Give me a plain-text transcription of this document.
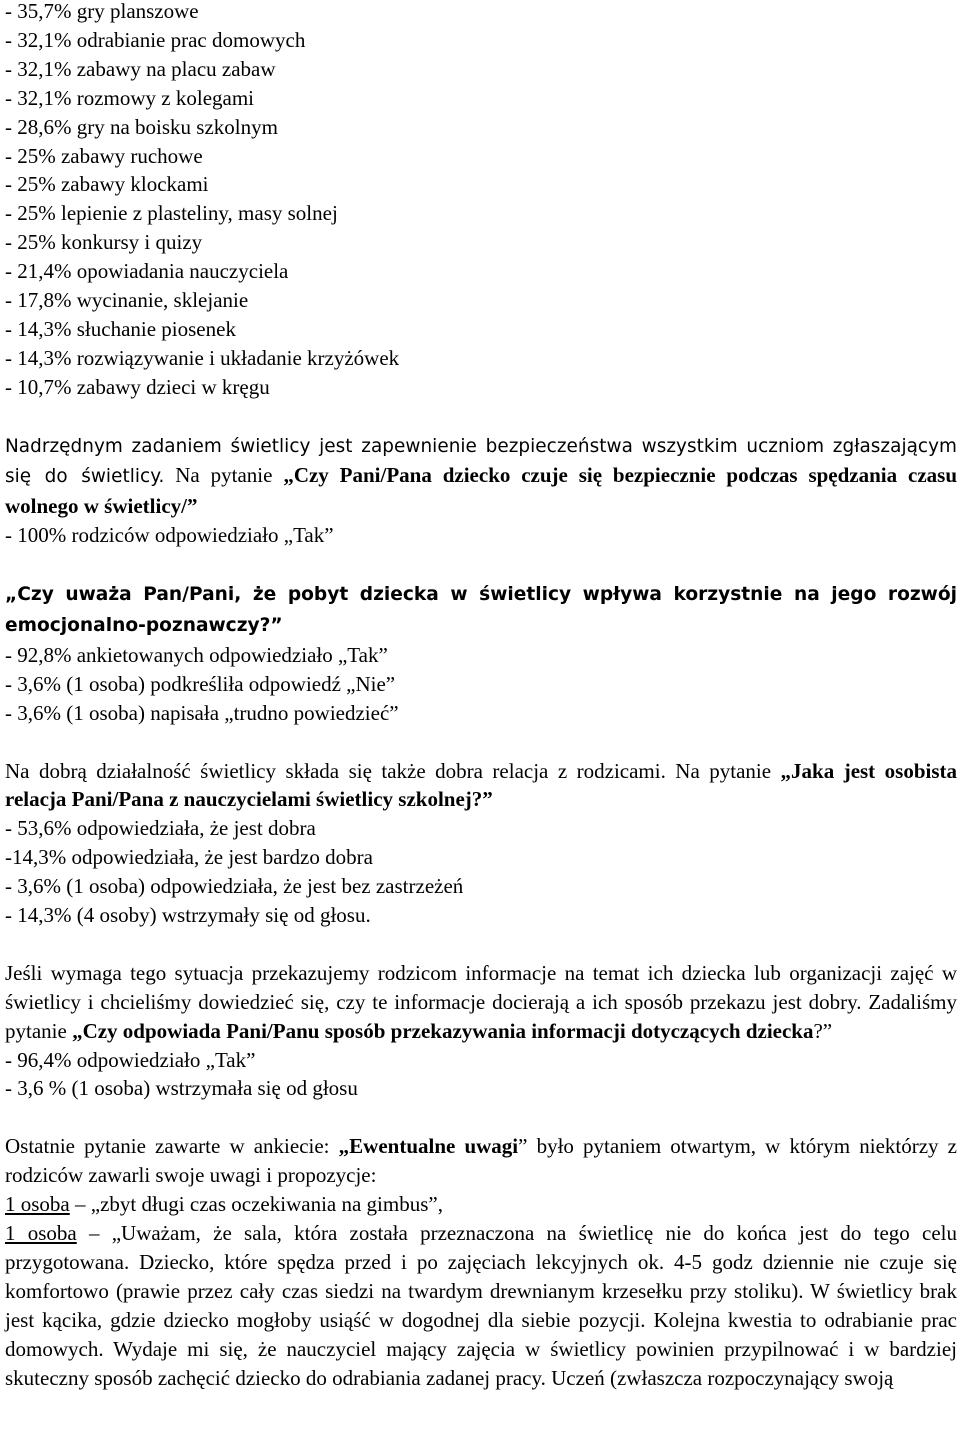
- 35,7% gry planszowe
- 32,1% odrabianie prac domowych
- 32,1% zabawy na placu zabaw
- 32,1% rozmowy z kolegami
- 28,6% gry na boisku szkolnym
- 25% zabawy ruchowe
- 25% zabawy klockami
- 25% lepienie z plasteliny, masy solnej
- 25% konkursy i quizy
- 21,4% opowiadania nauczyciela
- 17,8% wycinanie, sklejanie
- 14,3% słuchanie piosenek
- 14,3% rozwiązywanie i układanie krzyżówek
- 10,7% zabawy dzieci w kręgu

Nadrzędnym zadaniem świetlicy jest zapewnienie bezpieczeństwa wszystkim uczniom zgłaszającym się do świetlicy. Na pytanie „Czy Pani/Pana dziecko czuje się bezpiecznie podczas spędzania czasu wolnego w świetlicy/”

- 100% rodziców odpowiedziało „Tak”

„Czy uważa Pan/Pani, że pobyt dziecka w świetlicy wpływa korzystnie na jego rozwój emocjonalno-poznawczy?”

- 92,8% ankietowanych odpowiedziało „Tak”
- 3,6% (1 osoba) podkreśliła odpowiedź „Nie”
- 3,6% (1 osoba) napisała „trudno powiedzieć”

Na dobrą działalność świetlicy składa się także dobra relacja z rodzicami. Na pytanie „Jaka jest osobista relacja Pani/Pana z nauczycielami świetlicy szkolnej?”

- 53,6% odpowiedziała, że jest dobra
-14,3% odpowiedziała, że jest bardzo dobra
- 3,6% (1 osoba) odpowiedziała, że jest bez zastrzeżeń
- 14,3% (4 osoby) wstrzymały się od głosu.

Jeśli wymaga tego sytuacja przekazujemy rodzicom informacje na temat ich dziecka lub organizacji zajęć w świetlicy i chcieliśmy dowiedzieć się, czy te informacje docierają a ich sposób przekazu jest dobry. Zadaliśmy pytanie „Czy odpowiada Pani/Panu sposób przekazywania informacji dotyczących dziecka?”

- 96,4% odpowiedziało „Tak”
- 3,6 % (1 osoba) wstrzymała się od głosu

Ostatnie pytanie zawarte w ankiecie: „Ewentualne uwagi” było pytaniem otwartym, w którym niektórzy z rodziców zawarli swoje uwagi i propozycje:

1 osoba – „zbyt długi czas oczekiwania na gimbus”,

1 osoba – „Uważam, że sala, która została przeznaczona na świetlicę nie do końca jest do tego celu przygotowana. Dziecko, które spędza przed i po zajęciach lekcyjnych ok. 4-5 godz dziennie nie czuje się komfortowo (prawie przez cały czas siedzi na twardym drewnianym krzesełku przy stoliku). W świetlicy brak jest kącika, gdzie dziecko mogłoby usiąść w dogodnej dla siebie pozycji. Kolejna kwestia to odrabianie prac domowych. Wydaje mi się, że nauczyciel mający zajęcia w świetlicy powinien przypilnować i w bardziej skuteczny sposób zachęcić dziecko do odrabiania zadanej pracy. Uczeń (zwłaszcza rozpoczynający swoją
